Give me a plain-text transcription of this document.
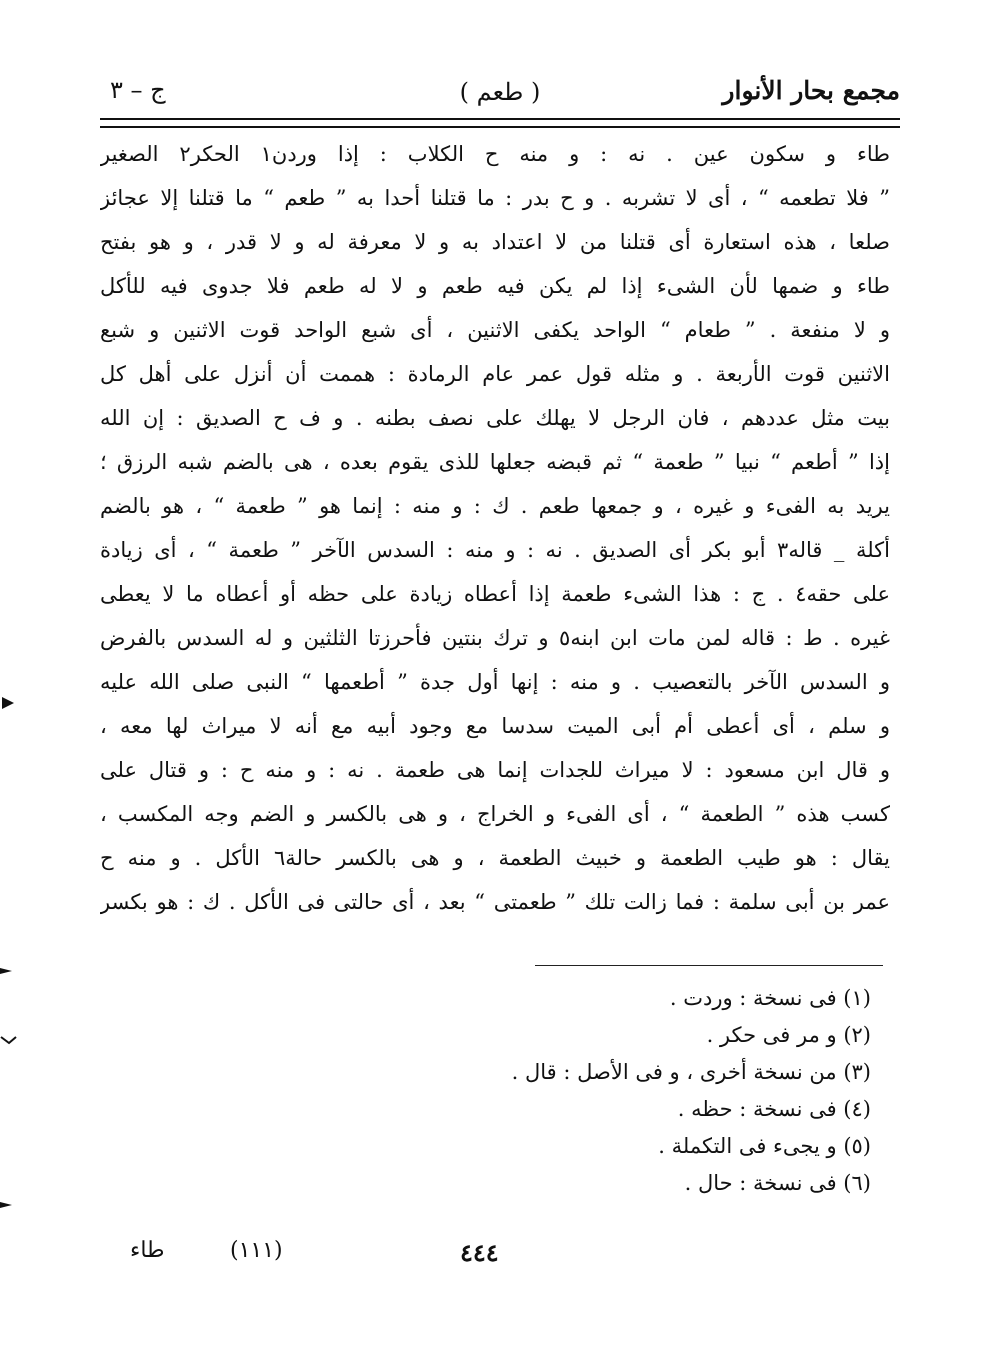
مجمع بحار الأنوار
( طعم )
ج – ٣
طاء و سكون عين . نه : و منه ح الكلاب : إذا وردن١ الحكر٢ الصغير
” فلا تطعمه “ ، أى لا تشربه . و ح بدر : ما قتلنا أحدا به ” طعم “ ما قتلنا إلا عجائز
صلعا ، هذه استعارة أى قتلنا من لا اعتداد به و لا معرفة له و لا قدر ، و هو بفتح
طاء و ضمها لأن الشىء إذا لم يكن فيه طعم و لا له طعم فلا جدوى فيه للأكل
و لا منفعة . ” طعام “ الواحد يكفى الاثنين ، أى شبع الواحد قوت الاثنين و شبع
الاثنين قوت الأربعة . و مثله قول عمر عام الرمادة : هممت أن أنزل على أهل كل
بيت مثل عددهم ، فان الرجل لا يهلك على نصف بطنه . و ف ح الصديق : إن الله
إذا ” أطعم “ نبيا ” طعمة “ ثم قبضه جعلها للذى يقوم بعده ، هى بالضم شبه الرزق ؛
يريد به الفىء و غيره ، و جمعها طعم . ك : و منه : إنما هو ” طعمة “ ، هو بالضم
أكلة _ قاله٣ أبو بكر أى الصديق . نه : و منه : السدس الآخر ” طعمة “ ، أى زيادة
على حقه٤ . ج : هذا الشىء طعمة إذا أعطاه زيادة على حظه أو أعطاه ما لا يعطى
غيره . ط : قاله لمن مات ابن ابنه٥ و ترك بنتين فأحرزتا الثلثين و له السدس بالفرض
و السدس الآخر بالتعصيب . و منه : إنها أول جدة ” أطعمها “ النبى صلى الله عليه
و سلم ، أى أعطى أم أبى الميت سدسا مع وجود أبيه مع أنه لا ميراث لها معه ،
و قال ابن مسعود : لا ميراث للجدات إنما هى طعمة . نه : و منه ح : و قتال على
كسب هذه ” الطعمة “ ، أى الفىء و الخراج ، و هى بالكسر و الضم وجه المكسب ،
يقال : هو طيب الطعمة و خبيث الطعمة ، و هى بالكسر حالة٦ الأكل . و منه ح
عمر بن أبى سلمة : فما زالت تلك ” طعمتى “ بعد ، أى حالتى فى الأكل . ك : هو بكسر
(١) فى نسخة : وردت .
(٢) و مر فى حكر .
(٣) من نسخة أخرى ، و فى الأصل : قال .
(٤) فى نسخة : حظه .
(٥) و يجىء فى التكملة .
(٦) فى نسخة : حال .
طاء	(١١١)	٤٤٤
